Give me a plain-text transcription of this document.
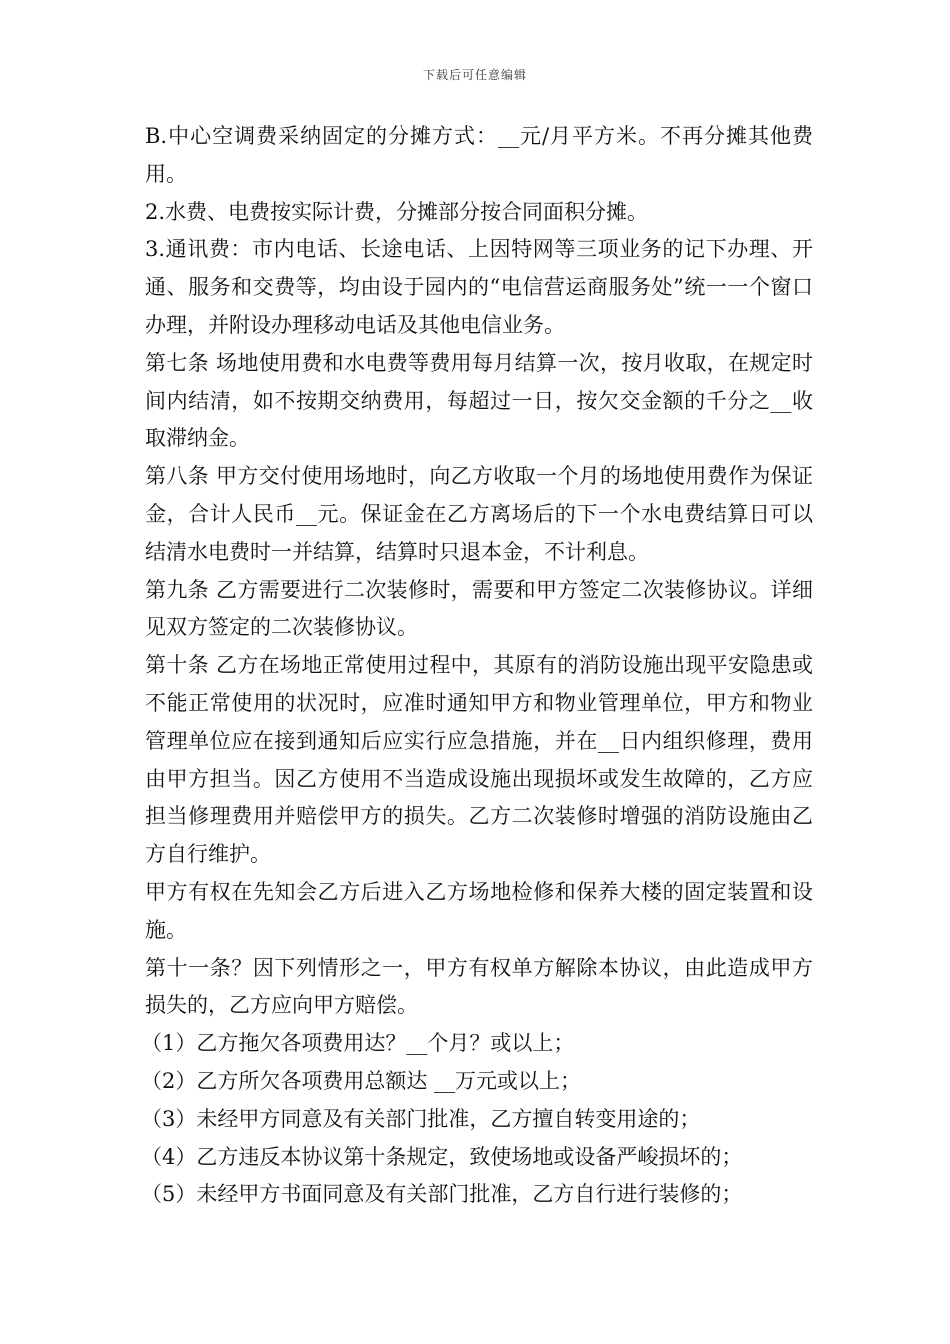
下载后可任意编辑

B.中心空调费采纳固定的分摊方式：__元/月平方米。不再分摊其他费用。

2.水费、电费按实际计费，分摊部分按合同面积分摊。

3.通讯费：市内电话、长途电话、上因特网等三项业务的记下办理、开通、服务和交费等，均由设于园内的“电信营运商服务处”统一一个窗口办理，并附设办理移动电话及其他电信业务。

第七条 场地使用费和水电费等费用每月结算一次，按月收取，在规定时间内结清，如不按期交纳费用，每超过一日，按欠交金额的千分之__收取滞纳金。

第八条 甲方交付使用场地时，向乙方收取一个月的场地使用费作为保证金，合计人民币__元。保证金在乙方离场后的下一个水电费结算日可以结清水电费时一并结算，结算时只退本金，不计利息。

第九条 乙方需要进行二次装修时，需要和甲方签定二次装修协议。详细见双方签定的二次装修协议。

第十条 乙方在场地正常使用过程中，其原有的消防设施出现平安隐患或不能正常使用的状况时，应准时通知甲方和物业管理单位，甲方和物业管理单位应在接到通知后应实行应急措施，并在__日内组织修理，费用由甲方担当。因乙方使用不当造成设施出现损坏或发生故障的，乙方应担当修理费用并赔偿甲方的损失。乙方二次装修时增强的消防设施由乙方自行维护。

甲方有权在先知会乙方后进入乙方场地检修和保养大楼的固定装置和设施。

第十一条？因下列情形之一，甲方有权单方解除本协议，由此造成甲方损失的，乙方应向甲方赔偿。

（1）乙方拖欠各项费用达？__个月？或以上；

（2）乙方所欠各项费用总额达 __万元或以上；

（3）未经甲方同意及有关部门批准，乙方擅自转变用途的；

（4）乙方违反本协议第十条规定，致使场地或设备严峻损坏的；

（5）未经甲方书面同意及有关部门批准，乙方自行进行装修的；
